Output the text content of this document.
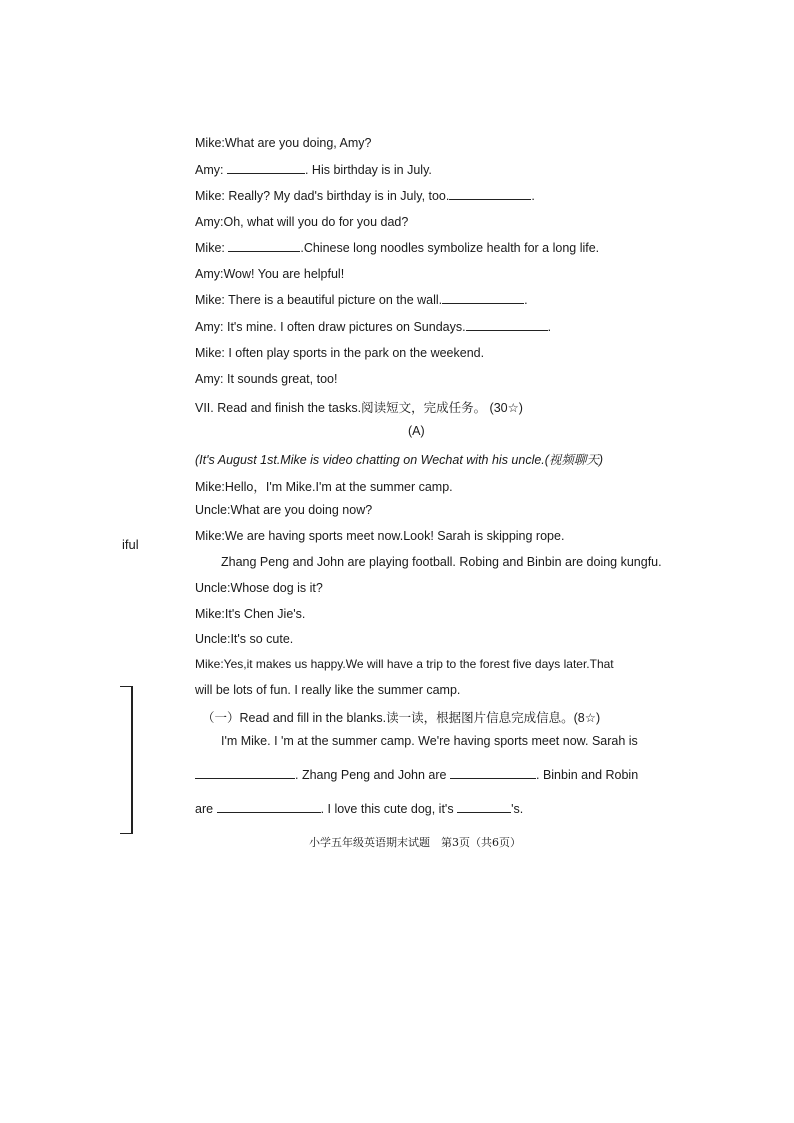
Mike:What are you doing, Amy?
Amy:	. His birthday is in July.
Mike: Really? My dad's birthday is in July, too.	.
Amy:Oh, what will you do for you dad?
Mike:	.Chinese long noodles symbolize health for a long life.
Amy:Wow! You are helpful!
Mike: There is a beautiful picture on the wall.	.
Amy: It's mine. I often draw pictures on Sundays.	.
Mike: I often play sports in the park on the weekend.
Amy: It sounds great, too!
VII. Read and finish the tasks.阅读短文，完成任务。 (30☆)
(A)
(It's August 1st.Mike is video chatting on Wechat with his uncle.(视频聊天)
Mike:Hello，I'm Mike.I'm at the summer camp.
Uncle:What are you doing now?
Mike:We are having sports meet now.Look! Sarah is skipping rope.
Zhang Peng and John are playing football. Robing and Binbin are doing kungfu.
Uncle:Whose dog is it?
Mike:It's Chen Jie's.
Uncle:It's so cute.
Mike:Yes,it makes us happy.We will have a trip to the forest five days later.That
will be lots of fun. I really like the summer camp.
（一）Read and fill in the blanks.读一读，根据图片信息完成信息。(8☆)
I'm Mike. I 'm at the summer camp. We're having sports meet now. Sarah is
. Zhang Peng and John are	. Binbin and Robin
are	. I love this cute dog, it's	's.
iful
小学五年级英语期末试题　第3页（共6页）
